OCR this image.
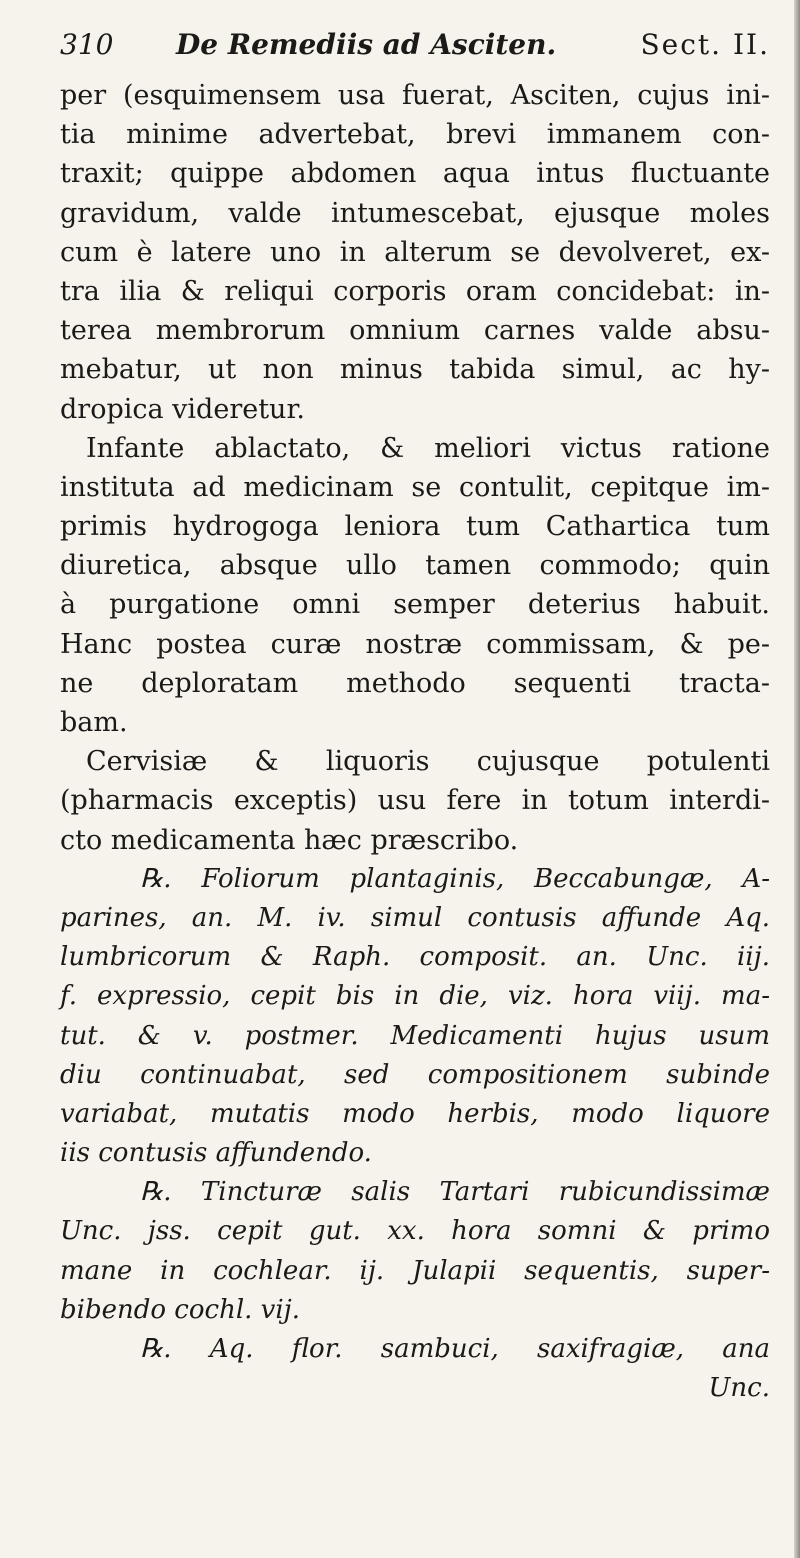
310	De Remediis ad Asciten.	Sect. II.
per (esquimensem usa fuerat, Asciten, cujus ini-
tia minime advertebat, brevi immanem con-
traxit; quippe abdomen aqua intus fluctuante
gravidum, valde intumescebat, ejusque moles
cum è latere uno in alterum se devolveret, ex-
tra ilia & reliqui corporis oram concidebat: in-
terea membrorum omnium carnes valde absu-
mebatur, ut non minus tabida simul, ac hy-
dropica videretur.
Infante ablactato, & meliori victus ratione
instituta ad medicinam se contulit, cepitque im-
primis hydrogoga leniora tum Cathartica tum
diuretica, absque ullo tamen commodo; quin
à purgatione omni semper deterius habuit.
Hanc postea curæ nostræ commissam, & pe-
ne deploratam methodo sequenti tracta-
bam.
Cervisiæ & liquoris cujusque potulenti
(pharmacis exceptis) usu fere in totum interdi-
cto medicamenta hæc præscribo.
℞. Foliorum plantaginis, Beccabungæ, A-
parines, an. M. iv. simul contusis affunde Aq.
lumbricorum & Raph. composit. an. Unc. iij.
f. expressio, cepit bis in die, viz. hora viij. ma-
tut. & v. postmer. Medicamenti hujus usum
diu continuabat, sed compositionem subinde
variabat, mutatis modo herbis, modo liquore
iis contusis affundendo.
℞. Tincturæ salis Tartari rubicundissimæ
Unc. jss. cepit gut. xx. hora somni & primo
mane in cochlear. ij. Julapii sequentis, super-
bibendo cochl. vij.
℞. Aq. flor. sambuci, saxifragiæ, ana
Unc.
